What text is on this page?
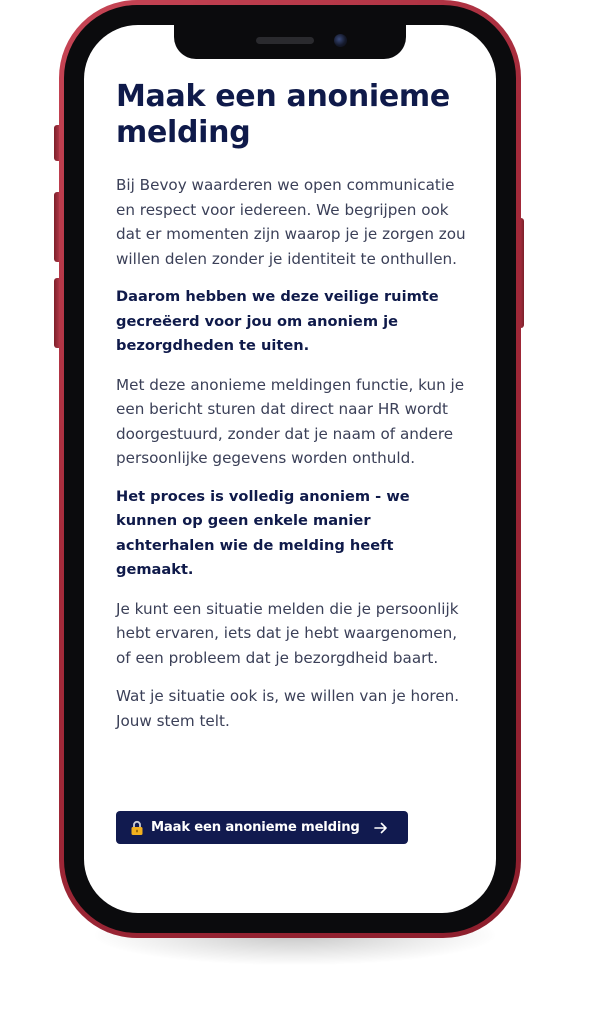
Maak een anonieme melding

Bij Bevoy waarderen we open communicatie en respect voor iedereen. We begrijpen ook dat er momenten zijn waarop je je zorgen zou willen delen zonder je identiteit te onthullen.

Daarom hebben we deze veilige ruimte gecreëerd voor jou om anoniem je bezorgdheden te uiten.

Met deze anonieme meldingen functie, kun je een bericht sturen dat direct naar HR wordt doorgestuurd, zonder dat je naam of andere persoonlijke gegevens worden onthuld.

Het proces is volledig anoniem - we kunnen op geen enkele manier achterhalen wie de melding heeft gemaakt.

Je kunt een situatie melden die je persoonlijk hebt ervaren, iets dat je hebt waargenomen, of een probleem dat je bezorgdheid baart.

Wat je situatie ook is, we willen van je horen. Jouw stem telt.

Maak een anonieme melding
